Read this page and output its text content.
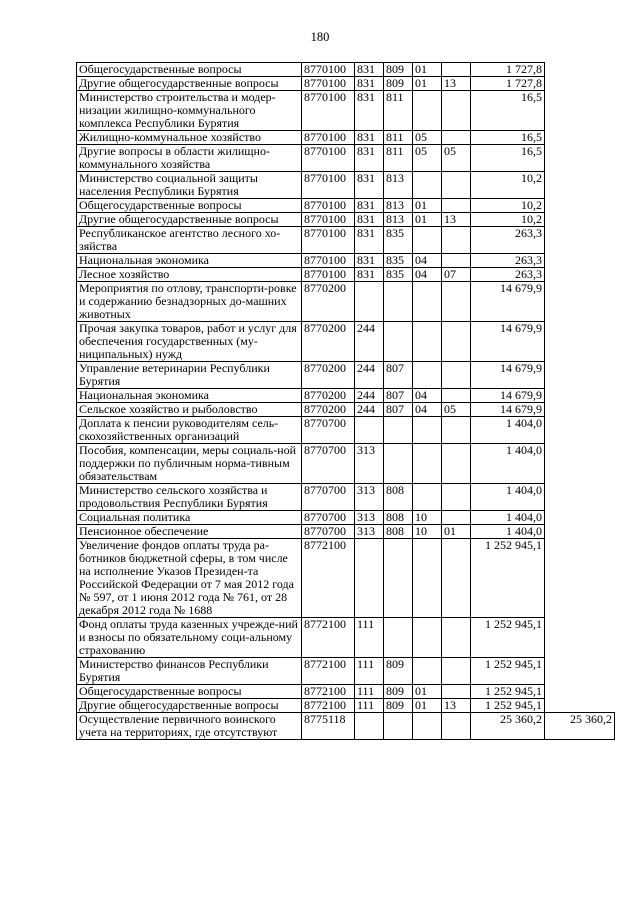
180
Общегосударственные вопросы	8770100	831	809	01		1 727,8	
Другие общегосударственные вопросы	8770100	831	809	01	13	1 727,8	
Министерство строительства и модер-низации жилищно-коммунального комплекса Республики Бурятия	8770100	831	811			16,5	
Жилищно-коммунальное хозяйство	8770100	831	811	05		16,5	
Другие вопросы в области жилищно-коммунального хозяйства	8770100	831	811	05	05	16,5	
Министерство социальной защиты населения Республики Бурятия	8770100	831	813			10,2	
Общегосударственные вопросы	8770100	831	813	01		10,2	
Другие общегосударственные вопросы	8770100	831	813	01	13	10,2	
Республиканское агентство лесного хо-зяйства	8770100	831	835			263,3	
Национальная экономика	8770100	831	835	04		263,3	
Лесное хозяйство	8770100	831	835	04	07	263,3	
Мероприятия по отлову, транспорти-ровке и содержанию безнадзорных до-машних животных	8770200					14 679,9	
Прочая закупка товаров, работ и услуг для обеспечения государственных (му-ниципальных) нужд	8770200	244				14 679,9	
Управление ветеринарии Республики Бурятия	8770200	244	807			14 679,9	
Национальная экономика	8770200	244	807	04		14 679,9	
Сельское хозяйство и рыболовство	8770200	244	807	04	05	14 679,9	
Доплата к пенсии руководителям сель-скохозяйственных организаций	8770700					1 404,0	
Пособия, компенсации, меры социаль-ной поддержки по публичным норма-тивным обязательствам	8770700	313				1 404,0	
Министерство сельского хозяйства и продовольствия Республики Бурятия	8770700	313	808			1 404,0	
Социальная политика	8770700	313	808	10		1 404,0	
Пенсионное обеспечение	8770700	313	808	10	01	1 404,0	
Увеличение фондов оплаты труда ра-ботников бюджетной сферы, в том числе на исполнение Указов Президен-та Российской Федерации от 7 мая 2012 года № 597, от 1 июня 2012 года № 761, от 28 декабря 2012 года № 1688	8772100					1 252 945,1	
Фонд оплаты труда казенных учрежде-ний и взносы по обязательному соци-альному страхованию	8772100	111				1 252 945,1	
Министерство финансов Республики Бурятия	8772100	111	809			1 252 945,1	
Общегосударственные вопросы	8772100	111	809	01		1 252 945,1	
Другие общегосударственные вопросы	8772100	111	809	01	13	1 252 945,1	
Осуществление первичного воинского учета на территориях, где отсутствуют	8775118					25 360,2	25 360,2
